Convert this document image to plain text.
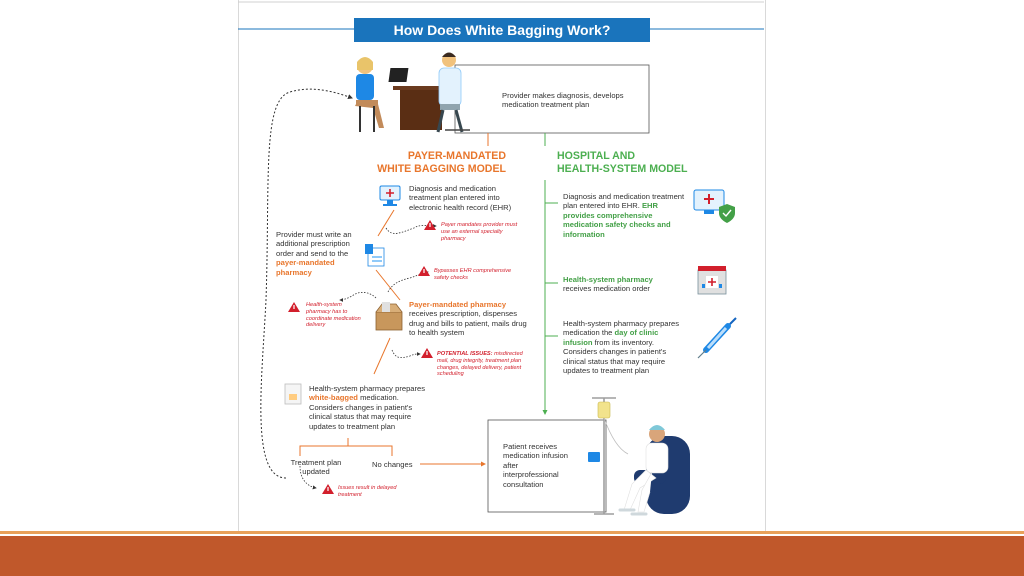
How Does White Bagging Work?
Provider makes diagnosis, develops medication treatment plan
PAYER-MANDATED
WHITE BAGGING MODEL
HOSPITAL AND
HEALTH-SYSTEM MODEL
Diagnosis and medication treatment plan entered into electronic health record (EHR)
Payer mandates provider must use an external specialty pharmacy
Provider must write an additional prescription order and send to the payer-mandated pharmacy	Bypasses EHR comprehensive safety checks
Health-system pharmacy has to coordinate medication delivery
Payer-mandated pharmacy
receives prescription, dispenses drug and bills to patient, mails drug to health system
POTENTIAL ISSUES: misdirected mail, drug integrity, treatment plan changes, delayed delivery, patient scheduling
Health-system pharmacy prepares white-bagged medication. Considers changes in patient's clinical status that may require updates to treatment plan
Treatment plan updated
No changes
Issues result in delayed treatment
Diagnosis and medication treatment plan entered into EHR. EHR provides comprehensive medication safety checks and information
Health-system pharmacy receives medication order
Health-system pharmacy prepares medication the day of clinic infusion from its inventory. Considers changes in patient's clinical status that may require updates to treatment plan
Patient receives medication infusion after interprofessional consultation
